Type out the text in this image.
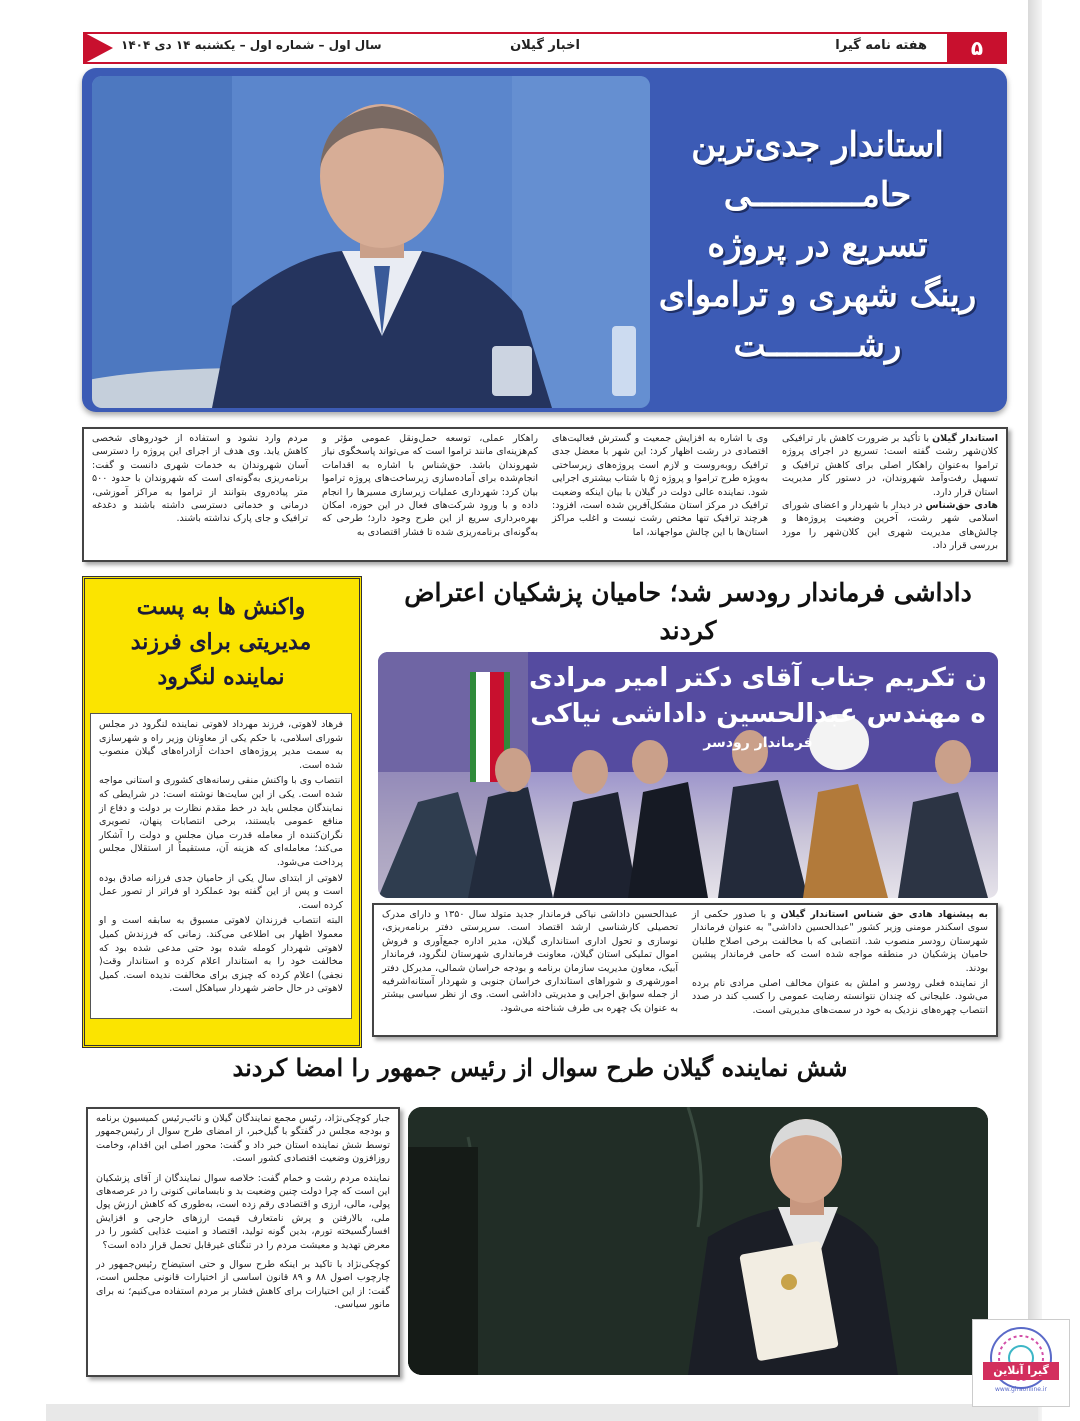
۵
هفته نامه گیرا
اخبار گیلان
سال اول – شماره اول – یکشنبه ۱۴ دی ۱۴۰۴
استاندار جدی‌ترین
حامـــــــــــی
تسریع در پروژه
رینگ شهری و تراموای
رشـــــــــت

استاندار گیلان با تأکید بر ضرورت کاهش بار ترافیکی کلان‌شهر رشت گفته است: تسریع در اجرای پروژه تراموا به‌عنوان راهکار اصلی برای کاهش ترافیک و تسهیل رفت‌وآمد شهروندان، در دستور کار مدیریت استان قرار دارد.

هادی حق‌شناس در دیدار با شهردار و اعضای شورای اسلامی شهر رشت، آخرین وضعیت پروژه‌ها و چالش‌های مدیریت شهری این کلان‌شهر را مورد بررسی قرار داد.

وی با اشاره به افزایش جمعیت و گسترش فعالیت‌های اقتصادی در رشت اظهار کرد: این شهر با معضل جدی ترافیک روبه‌روست و لازم است پروژه‌های زیرساختی به‌ویژه طرح تراموا و پروژه ژ۵ با شتاب بیشتری اجرایی شود. نماینده عالی دولت در گیلان با بیان اینکه وضعیت ترافیک در مرکز استان مشکل‌آفرین شده است، افزود: هرچند ترافیک تنها مختص رشت نیست و اغلب مراکز استان‌ها با این چالش مواجهاند، اما
راهکار عملی، توسعه حمل‌ونقل عمومی مؤثر و کم‌هزینه‌ای مانند تراموا است که می‌تواند پاسخگوی نیاز شهروندان باشد. حق‌شناس با اشاره به اقدامات انجام‌شده برای آماده‌سازی زیرساخت‌های پروژه تراموا بیان کرد: شهرداری عملیات زیرسازی مسیرها را انجام داده و با ورود شرکت‌های فعال در این حوزه، امکان بهره‌برداری سریع از این طرح وجود دارد؛ طرحی که به‌گونه‌ای برنامه‌ریزی شده تا فشار اقتصادی به
مردم وارد نشود و استفاده از خودروهای شخصی کاهش یابد. وی هدف از اجرای این پروژه را دسترسی آسان شهروندان به خدمات شهری دانست و گفت: برنامه‌ریزی به‌گونه‌ای است که شهروندان با حدود ۵۰۰ متر پیاده‌روی بتوانند از تراموا به مراکز آموزشی، درمانی و خدماتی دسترسی داشته باشند و دغدغه ترافیک و جای پارک نداشته باشند.
واکنش ها به پست
مدیریتی برای فرزند
نماینده لنگرود

فرهاد لاهوتی، فرزند مهرداد لاهوتی نماینده لنگرود در مجلس شورای اسلامی، با حکم یکی از معاونان وزیر راه و شهرسازی به سمت مدیر پروژه‌های احداث آزادراه‌های گیلان منصوب شده است.

انتصاب وی با واکنش منفی رسانه‌های کشوری و استانی مواجه شده است. یکی از این سایت‌ها نوشته است: در شرایطی که نمایندگان مجلس باید در خط مقدم نظارت بر دولت و دفاع از منافع عمومی بایستند، برخی انتصابات پنهان، تصویری نگران‌کننده از معامله قدرت میان مجلس و دولت را آشکار می‌کند؛ معامله‌ای که هزینه آن، مستقیماً از استقلال مجلس پرداخت می‌شود.

لاهوتی از ابتدای سال یکی از حامیان جدی فرزانه صادق بوده است و پس از این گفته بود عملکرد او فراتر از تصور عمل کرده است.

البته انتصاب فرزندان لاهوتی مسبوق به سابقه است و او معمولا اظهار بی اطلاعی می‌کند. زمانی که فرزندش کمیل لاهوتی شهردار کومله شده بود حتی مدعی شده بود که مخالفت خود را به استاندار اعلام کرده و استاندار وقت( نجفی) اعلام کرده که چیزی برای مخالفت ندیده است. کمیل لاهوتی در حال حاضر شهردار سیاهکل است.

داداشی فرماندار رودسر شد؛ حامیان پزشکیان اعتراض
کردند
ن تکریم جناب آقای دکتر امیر مرادی
ه مهندس عبدالحسین داداشی نیاکی
فرماندار رودسر

به پیشنهاد هادی حق شناس استاندار گیلان و با صدور حکمی از سوی اسکندر مومنی وزیر کشور "عبدالحسین داداشی" به عنوان فرماندار شهرستان رودسر منصوب شد. انتصابی که با مخالفت برخی اصلاح طلبان حامیان پزشکیان در منطقه مواجه شده است که حامی فرماندار پیشین بودند.

از نماینده فعلی رودسر و املش به عنوان مخالف اصلی مرادی نام برده می‌شود. علیجانی که چندان نتوانسته رضایت عمومی را کسب کند در صدد انتصاب چهره‌های نزدیک به خود در سمت‌های مدیریتی است.

عبدالحسین داداشی نیاکی فرماندار جدید متولد سال ۱۳۵۰ و دارای مدرک تحصیلی کارشناسی ارشد اقتصاد است. سرپرستی دفتر برنامه‌ریزی، نوسازی و تحول اداری استانداری گیلان، مدیر اداره جمع‌آوری و فروش اموال تملیکی استان گیلان، معاونت فرمانداری شهرستان لنگرود، فرماندار آبیک، معاون مدیریت سازمان برنامه و بودجه خراسان شمالی، مدیرکل دفتر امورشهری و شوراهای استانداری خراسان جنوبی و شهردار آستانه‌اشرفیه از جمله سوابق اجرایی و مدیریتی داداشی است. وی از نظر سیاسی بیشتر به عنوان یک چهره بی طرف شناخته می‌شود.
شش نماینده گیلان طرح سوال از رئیس جمهور را امضا کردند

جبار کوچکی‌نژاد، رئیس مجمع نمایندگان گیلان و نائب‌رئیس کمیسیون برنامه و بودجه مجلس در گفتگو با گیل‌خبر، از امضای طرح سوال از رئیس‌جمهور توسط شش نماینده استان خبر داد و گفت: محور اصلی این اقدام، وخامت روزافزون وضعیت اقتصادی کشور است.

نماینده مردم رشت و خمام گفت: خلاصه سوال نمایندگان از آقای پزشکیان این است که چرا دولت چنین وضعیت بد و نابسامانی کنونی را در عرصه‌های پولی، مالی، ارزی و اقتصادی رقم زده است، به‌طوری که کاهش ارزش پول ملی، بالارفتن و پرش نامتعارف قیمت ارزهای خارجی و افزایش افسارگسیخته تورم، بدین گونه تولید، اقتصاد و امنیت غذایی کشور را در معرض تهدید و معیشت مردم را در تنگنای غیرقابل تحمل قرار داده است؟

کوچکی‌نژاد با تاکید بر اینکه طرح سوال و حتی استیضاح رئیس‌جمهور در چارچوب اصول ۸۸ و ۸۹ قانون اساسی از اختیارات قانونی مجلس است، گفت: از این اختیارات برای کاهش فشار بر مردم استفاده می‌کنیم؛ نه برای مانور سیاسی.

گیرا آنلاین
www.giraonline.ir
